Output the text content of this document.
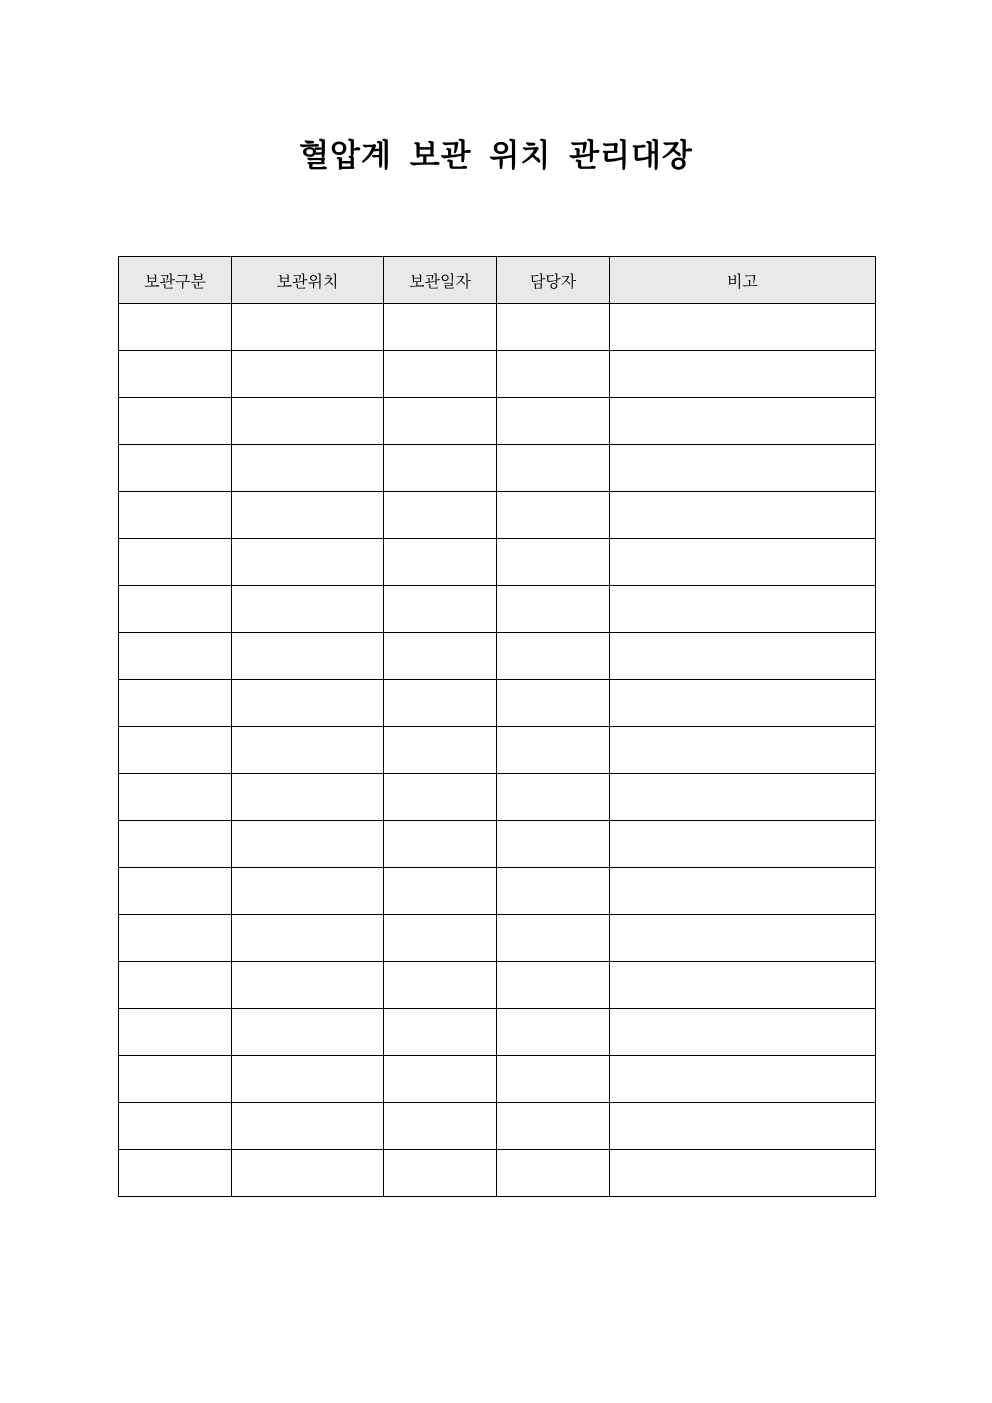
혈압계 보관 위치 관리대장
보관구분	보관위치	보관일자	담당자	비고
